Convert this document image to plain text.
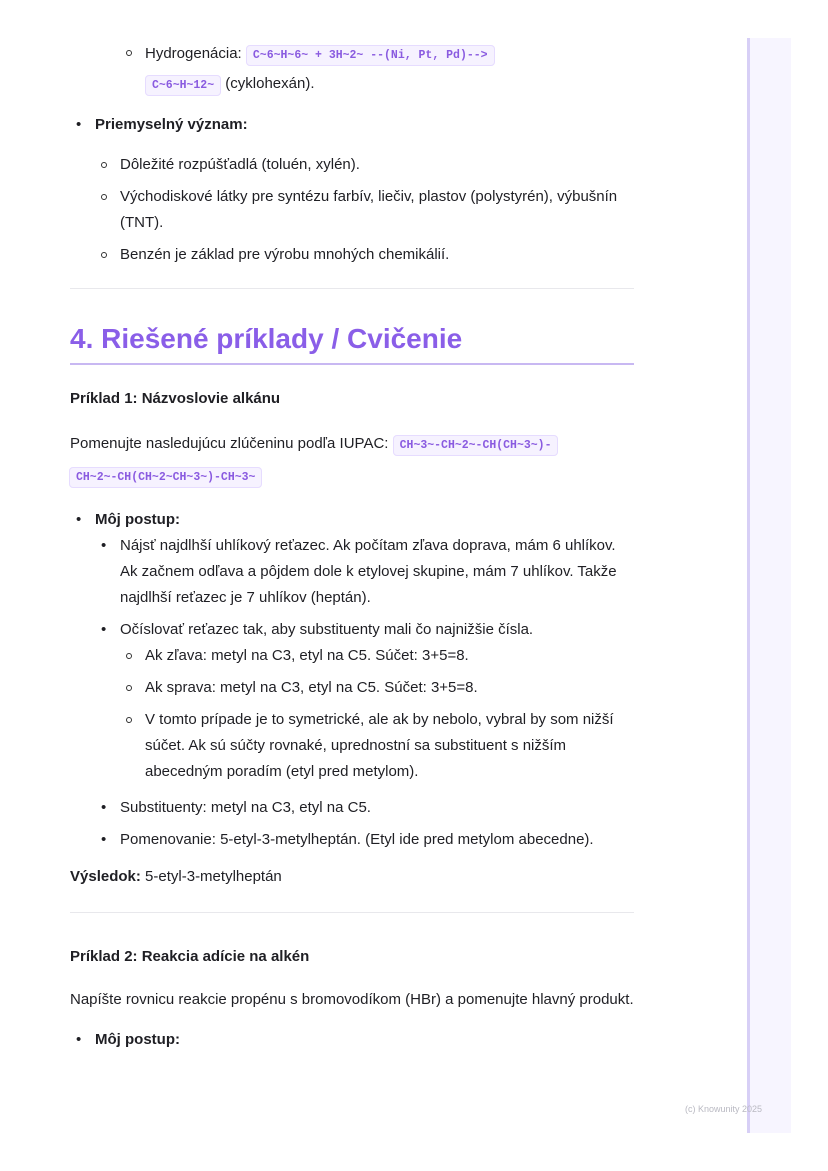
Hydrogenácia: C~6~H~6~ + 3H~2~ --(Ni, Pt, Pd)-->
C~6~H~12~ (cyklohexán).
• Priemyselný význam:
Dôležité rozpúšťadlá (toluén, xylén).
Východiskové látky pre syntézu farbív, liečiv, plastov (polystyrén), výbušnín (TNT).
Benzén je základ pre výrobu mnohých chemikálií.
4. Riešené príklady / Cvičenie

Príklad 1: Názvoslovie alkánu

Pomenujte nasledujúcu zlúčeninu podľa IUPAC: CH~3~-CH~2~-CH(CH~3~)-
CH~2~-CH(CH~2~CH~3~)-CH~3~

• Môj postup:
• Nájsť najdlhší uhlíkový reťazec. Ak počítam zľava doprava, mám 6 uhlíkov. Ak začnem odľava a pôjdem dole k etylovej skupine, mám 7 uhlíkov. Takže najdlhší reťazec je 7 uhlíkov (heptán).
• Očíslovať reťazec tak, aby substituenty mali čo najnižšie čísla.
Ak zľava: metyl na C3, etyl na C5. Súčet: 3+5=8.
Ak sprava: metyl na C3, etyl na C5. Súčet: 3+5=8.
V tomto prípade je to symetrické, ale ak by nebolo, vybral by som nižší súčet. Ak sú súčty rovnaké, uprednostní sa substituent s nižším abecedným poradím (etyl pred metylom).
• Substituenty: metyl na C3, etyl na C5.
• Pomenovanie: 5-etyl-3-metylheptán. (Etyl ide pred metylom abecedne).

Výsledok: 5-etyl-3-metylheptán

Príklad 2: Reakcia adície na alkén

Napíšte rovnicu reakcie propénu s bromovodíkom (HBr) a pomenujte hlavný produkt.

• Môj postup:
(c) Knowunity 2025
